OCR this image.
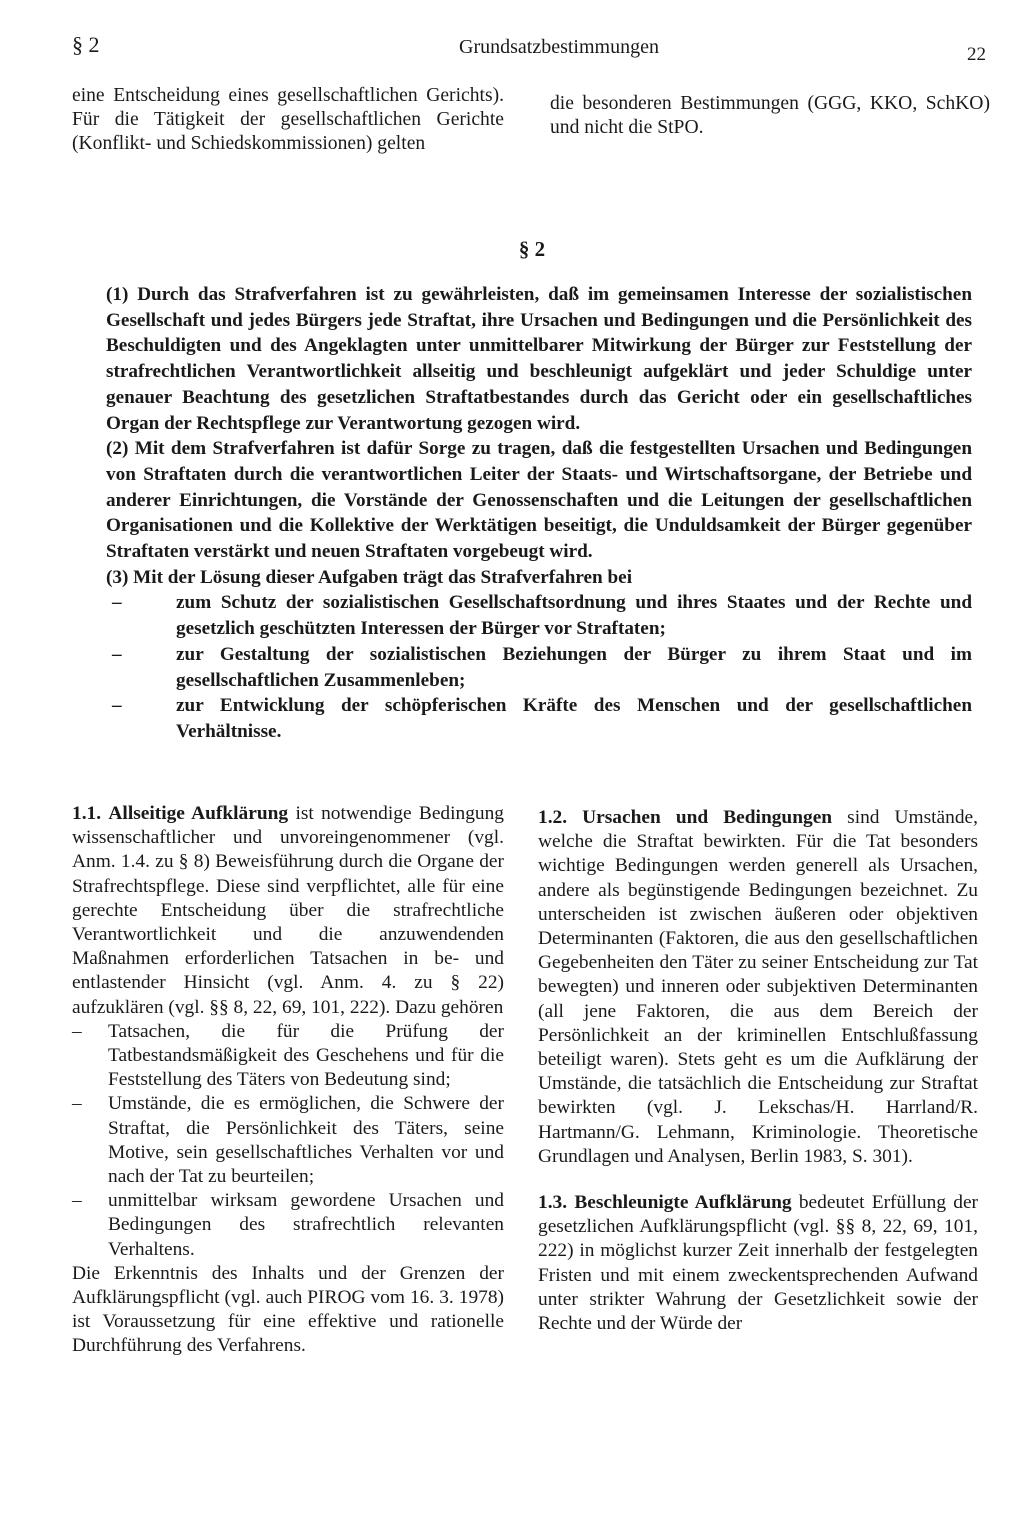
§ 2	Grundsatzbestimmungen	22

eine Entscheidung eines gesellschaftlichen Gerichts). Für die Tätigkeit der gesellschaftlichen Gerichte (Konflikt- und Schiedskommissionen) gelten

die besonderen Bestimmungen (GGG, KKO, SchKO) und nicht die StPO.

§ 2

(1) Durch das Strafverfahren ist zu gewährleisten, daß im gemeinsamen Interesse der sozialistischen Gesellschaft und jedes Bürgers jede Straftat, ihre Ursachen und Bedingungen und die Persönlichkeit des Beschuldigten und des Angeklagten unter unmittelbarer Mitwirkung der Bürger zur Feststellung der strafrechtlichen Verantwortlichkeit allseitig und beschleunigt aufgeklärt und jeder Schuldige unter genauer Beachtung des gesetzlichen Straftatbestandes durch das Gericht oder ein gesellschaftliches Organ der Rechtspflege zur Verantwortung gezogen wird.

(2) Mit dem Strafverfahren ist dafür Sorge zu tragen, daß die festgestellten Ursachen und Bedingungen von Straftaten durch die verantwortlichen Leiter der Staats- und Wirtschaftsorgane, der Betriebe und anderer Einrichtungen, die Vorstände der Genossenschaften und die Leitungen der gesellschaftlichen Organisationen und die Kollektive der Werktätigen beseitigt, die Unduldsamkeit der Bürger gegenüber Straftaten verstärkt und neuen Straftaten vorgebeugt wird.

(3) Mit der Lösung dieser Aufgaben trägt das Strafverfahren bei

–	zum Schutz der sozialistischen Gesellschaftsordnung und ihres Staates und der Rechte und gesetzlich geschützten Interessen der Bürger vor Straftaten;
–	zur Gestaltung der sozialistischen Beziehungen der Bürger zu ihrem Staat und im gesellschaftlichen Zusammenleben;
–	zur Entwicklung der schöpferischen Kräfte des Menschen und der gesellschaftlichen Verhältnisse.

1.1. Allseitige Aufklärung ist notwendige Bedingung wissenschaftlicher und unvoreingenommener (vgl. Anm. 1.4. zu § 8) Beweisführung durch die Organe der Strafrechtspflege. Diese sind verpflichtet, alle für eine gerechte Entscheidung über die strafrechtliche Verantwortlichkeit und die anzuwendenden Maßnahmen erforderlichen Tatsachen in be- und entlastender Hinsicht (vgl. Anm. 4. zu § 22) aufzuklären (vgl. §§ 8, 22, 69, 101, 222). Dazu gehören

– Tatsachen, die für die Prüfung der Tatbestandsmäßigkeit des Geschehens und für die Feststellung des Täters von Bedeutung sind;
– Umstände, die es ermöglichen, die Schwere der Straftat, die Persönlichkeit des Täters, seine Motive, sein gesellschaftliches Verhalten vor und nach der Tat zu beurteilen;
– unmittelbar wirksam gewordene Ursachen und Bedingungen des strafrechtlich relevanten Verhaltens.

Die Erkenntnis des Inhalts und der Grenzen der Aufklärungspflicht (vgl. auch PIROG vom 16. 3. 1978) ist Voraussetzung für eine effektive und rationelle Durchführung des Verfahrens.

1.2. Ursachen und Bedingungen sind Umstände, welche die Straftat bewirkten. Für die Tat besonders wichtige Bedingungen werden generell als Ursachen, andere als begünstigende Bedingungen bezeichnet. Zu unterscheiden ist zwischen äußeren oder objektiven Determinanten (Faktoren, die aus den gesellschaftlichen Gegebenheiten den Täter zu seiner Entscheidung zur Tat bewegten) und inneren oder subjektiven Determinanten (all jene Faktoren, die aus dem Bereich der Persönlichkeit an der kriminellen Entschlußfassung beteiligt waren). Stets geht es um die Aufklärung der Umstände, die tatsächlich die Entscheidung zur Straftat bewirkten (vgl. J. Lekschas/H. Harrland/R. Hartmann/G. Lehmann, Kriminologie. Theoretische Grundlagen und Analysen, Berlin 1983, S. 301).

1.3. Beschleunigte Aufklärung bedeutet Erfüllung der gesetzlichen Aufklärungspflicht (vgl. §§ 8, 22, 69, 101, 222) in möglichst kurzer Zeit innerhalb der festgelegten Fristen und mit einem zweckentsprechenden Aufwand unter strikter Wahrung der Gesetzlichkeit sowie der Rechte und der Würde der
